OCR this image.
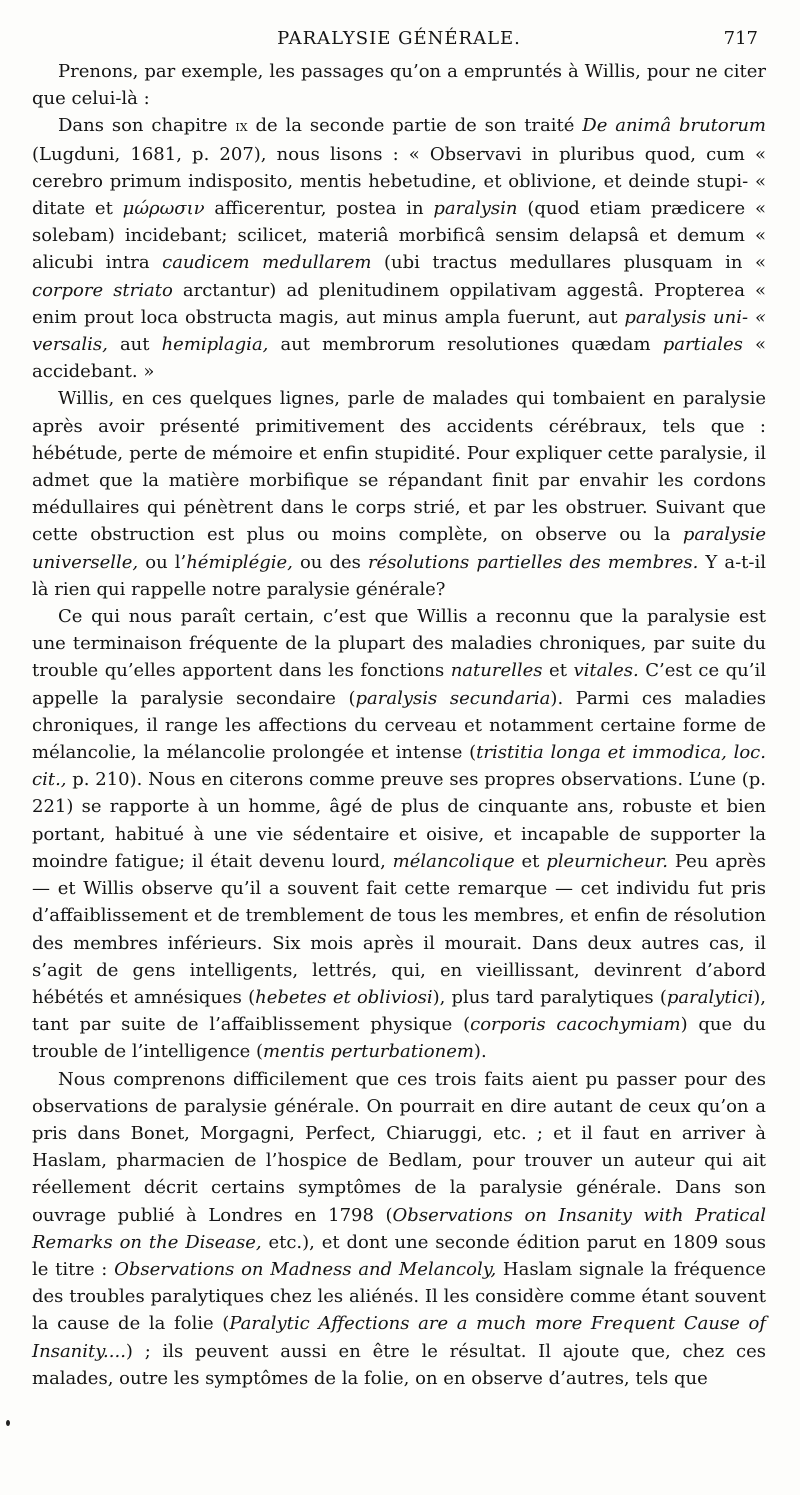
PARALYSIE GÉNÉRALE.	717

Prenons, par exemple, les passages qu’on a empruntés à Willis, pour ne citer que celui-là :

Dans son chapitre ix de la seconde partie de son traité De animâ brutorum (Lugduni, 1681, p. 207), nous lisons : « Observavi in pluribus quod, cum « cerebro primum indisposito, mentis hebetudine, et oblivione, et deinde stupi- « ditate et μώρωσιν afficerentur, postea in paralysin (quod etiam prædicere « solebam) incidebant; scilicet, materiâ morbificâ sensim delapsâ et demum « alicubi intra caudicem medullarem (ubi tractus medullares plusquam in « corpore striato arctantur) ad plenitudinem oppilativam aggestâ. Propterea « enim prout loca obstructa magis, aut minus ampla fuerunt, aut paralysis uni- « versalis, aut hemiplagia, aut membrorum resolutiones quædam partiales « accidebant. »

Willis, en ces quelques lignes, parle de malades qui tombaient en paralysie après avoir présenté primitivement des accidents cérébraux, tels que : hébétude, perte de mémoire et enfin stupidité. Pour expliquer cette paralysie, il admet que la matière morbifique se répandant finit par envahir les cordons médullaires qui pénètrent dans le corps strié, et par les obstruer. Suivant que cette obstruction est plus ou moins complète, on observe ou la paralysie universelle, ou l’hémiplégie, ou des résolutions partielles des membres. Y a-t-il là rien qui rappelle notre paralysie générale?

Ce qui nous paraît certain, c’est que Willis a reconnu que la paralysie est une terminaison fréquente de la plupart des maladies chroniques, par suite du trouble qu’elles apportent dans les fonctions naturelles et vitales. C’est ce qu’il appelle la paralysie secondaire (paralysis secundaria). Parmi ces maladies chroniques, il range les affections du cerveau et notamment certaine forme de mélancolie, la mélancolie prolongée et intense (tristitia longa et immodica, loc. cit., p. 210). Nous en citerons comme preuve ses propres observations. L’une (p. 221) se rapporte à un homme, âgé de plus de cinquante ans, robuste et bien portant, habitué à une vie sédentaire et oisive, et incapable de supporter la moindre fatigue; il était devenu lourd, mélancolique et pleurnicheur. Peu après — et Willis observe qu’il a souvent fait cette remarque — cet individu fut pris d’affaiblissement et de tremblement de tous les membres, et enfin de résolution des membres inférieurs. Six mois après il mourait. Dans deux autres cas, il s’agit de gens intelligents, lettrés, qui, en vieillissant, devinrent d’abord hébétés et amnésiques (hebetes et obliviosi), plus tard paralytiques (paralytici), tant par suite de l’affaiblissement physique (corporis cacochymiam) que du trouble de l’intelligence (mentis perturbationem).

Nous comprenons difficilement que ces trois faits aient pu passer pour des observations de paralysie générale. On pourrait en dire autant de ceux qu’on a pris dans Bonet, Morgagni, Perfect, Chiaruggi, etc. ; et il faut en arriver à Haslam, pharmacien de l’hospice de Bedlam, pour trouver un auteur qui ait réellement décrit certains symptômes de la paralysie générale. Dans son ouvrage publié à Londres en 1798 (Observations on Insanity with Pratical Remarks on the Disease, etc.), et dont une seconde édition parut en 1809 sous le titre : Observations on Madness and Melancoly, Haslam signale la fréquence des troubles paralytiques chez les aliénés. Il les considère comme étant souvent la cause de la folie (Paralytic Affections are a much more Frequent Cause of Insanity....) ; ils peuvent aussi en être le résultat. Il ajoute que, chez ces malades, outre les symptômes de la folie, on en observe d’autres, tels que
